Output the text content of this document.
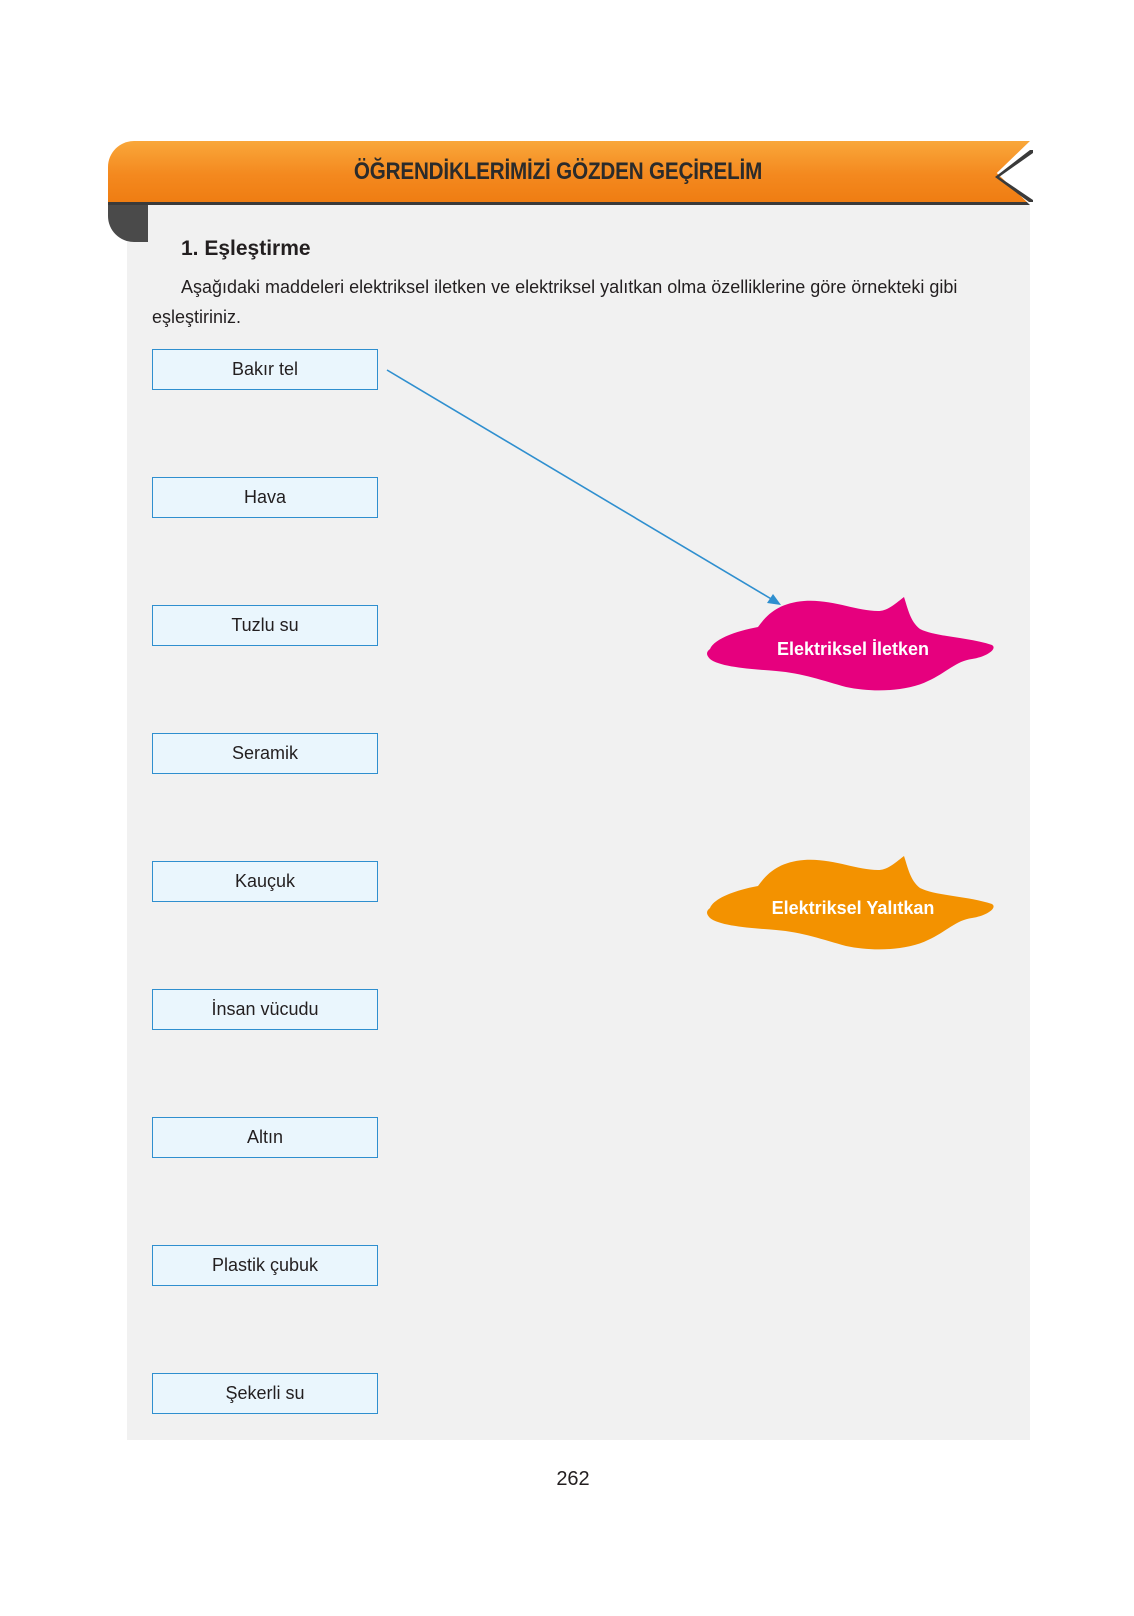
ÖĞRENDİKLERİMİZİ GÖZDEN GEÇİRELİM
1. Eşleştirme
Aşağıdaki maddeleri elektriksel iletken ve elektriksel yalıtkan olma özelliklerine göre örnekteki gibi eşleştiriniz.
Bakır tel
Hava
Tuzlu su
Seramik
Kauçuk
İnsan vücudu
Altın
Plastik çubuk
Şekerli su
Elektriksel İletken
Elektriksel Yalıtkan
262
